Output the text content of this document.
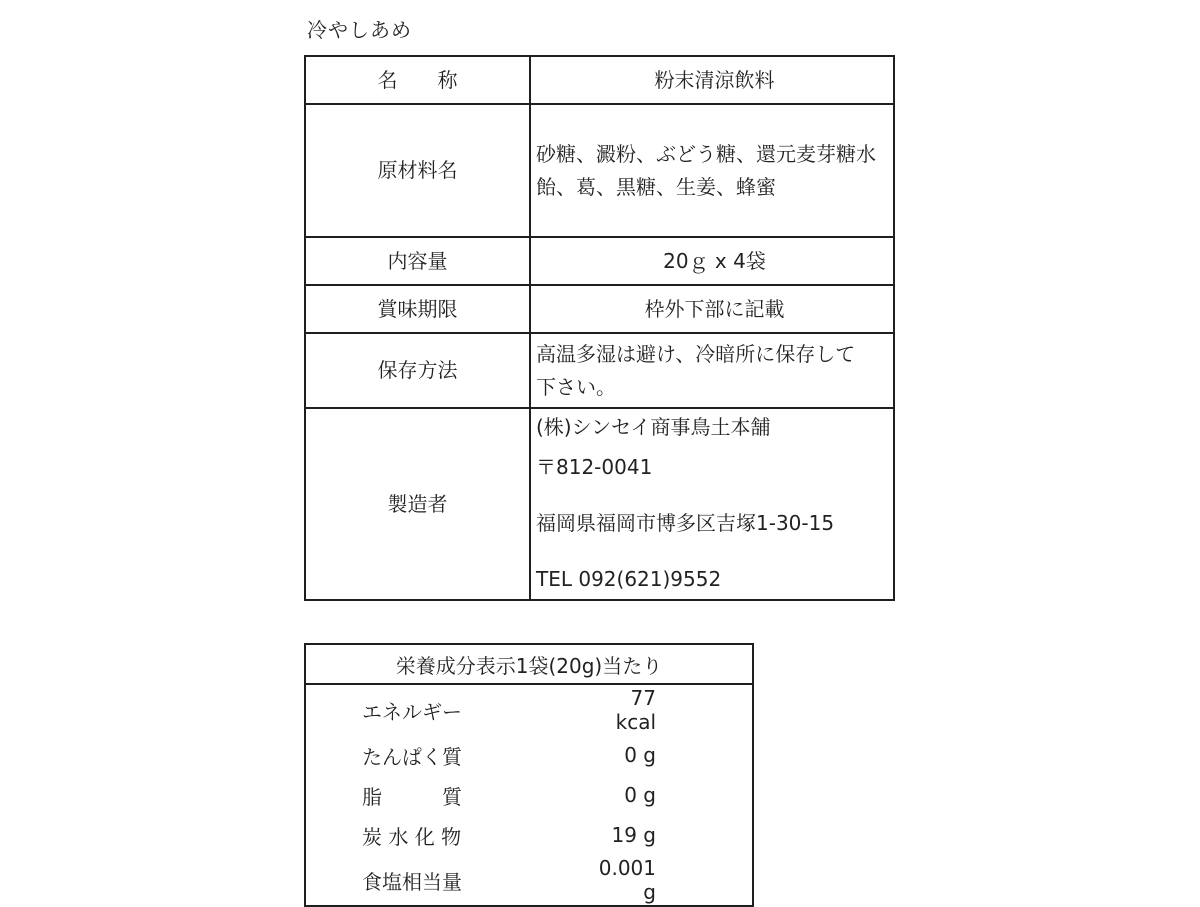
冷やしあめ
名　　称	粉末清涼飲料
原材料名	砂糖、澱粉、ぶどう糖、還元麦芽糖水
飴、葛、黒糖、生姜、蜂蜜

内容量	20ｇ x 4袋
賞味期限	枠外下部に記載
保存方法	高温多湿は避け、冷暗所に保存して
下さい。

製造者	(株)シンセイ商事鳥土本舗
〒812-0041
福岡県福岡市博多区吉塚1-30-15
TEL 092(621)9552
栄養成分表示1袋(20g)当たり	
エネルギー	77 kcal
たんぱく質	0 g
脂　　　質	0 g
炭 水 化 物	19 g
食塩相当量	0.001 g
